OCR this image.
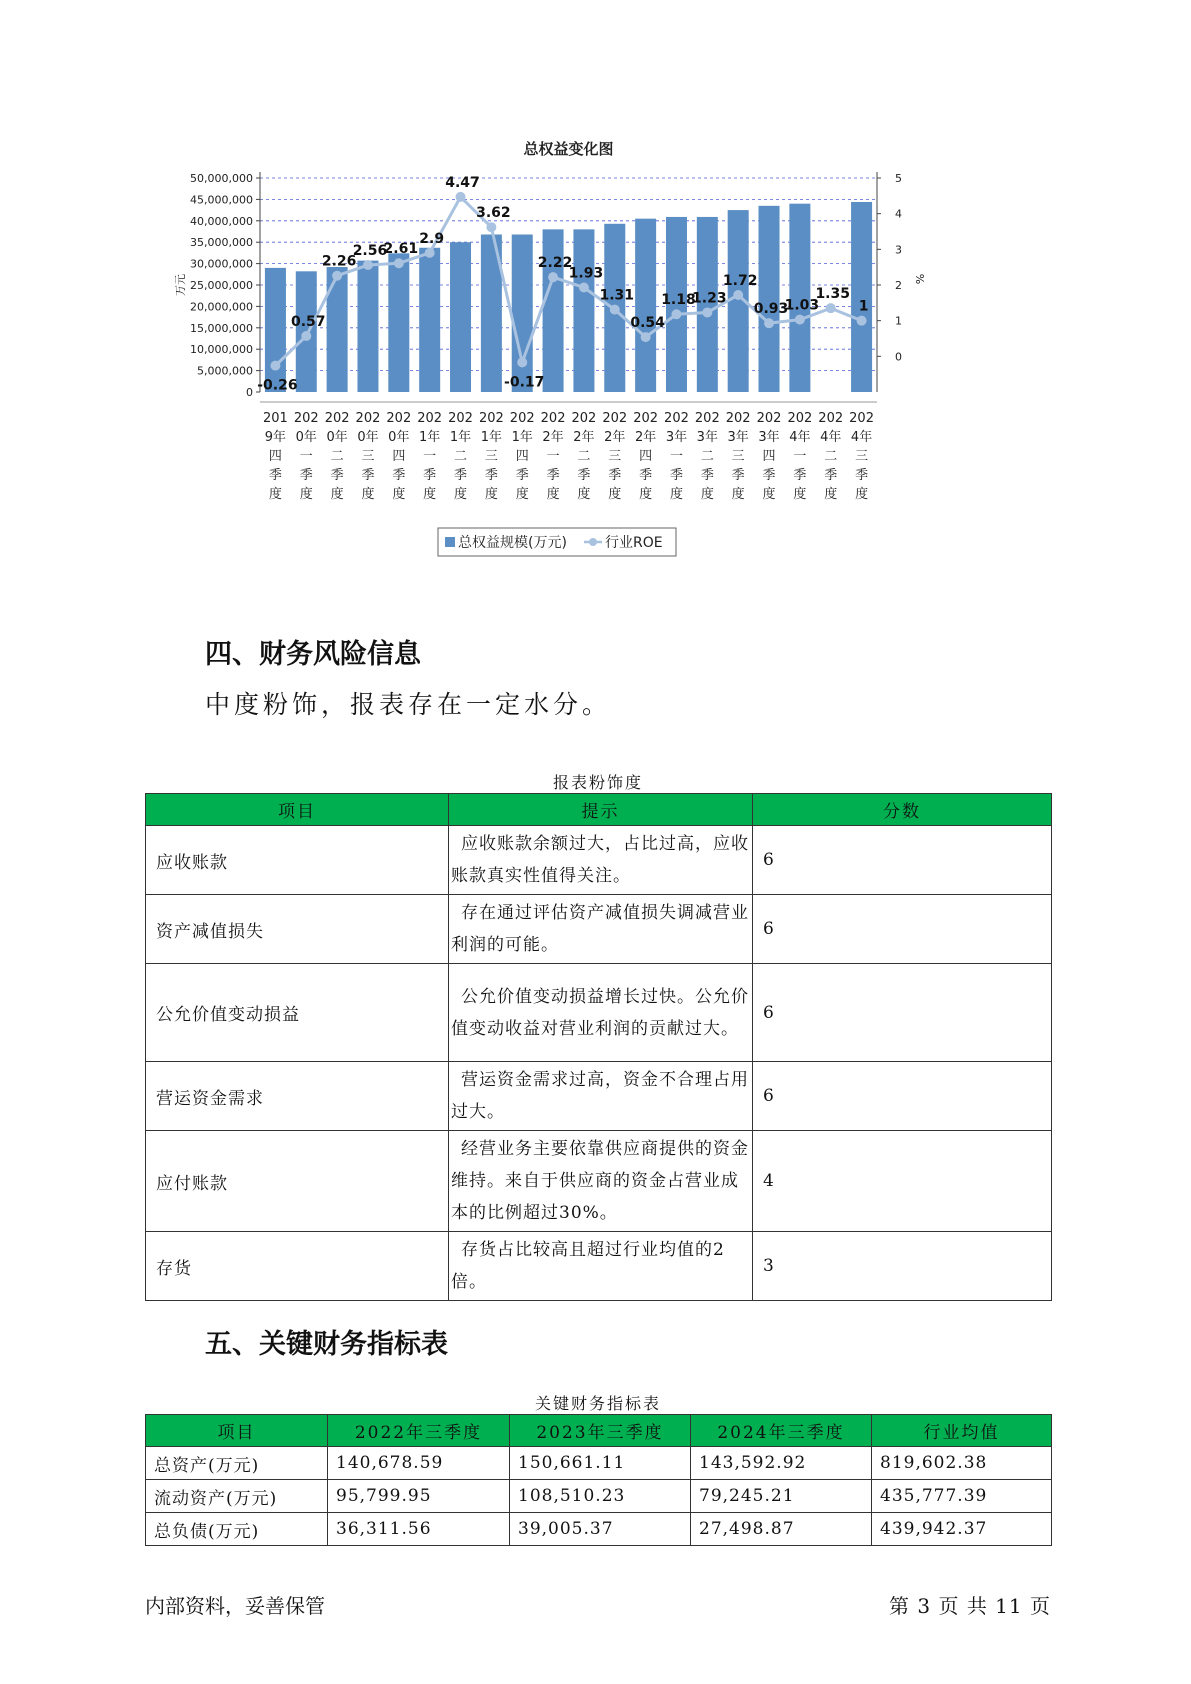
总权益变化图
0
5,000,000
10,000,000
15,000,000
20,000,000
25,000,000
30,000,000
35,000,000
40,000,000
45,000,000
50,000,000
0
1
2
3
4
5
万元	%
-0.26
0.57
2.26
2.56
2.61
2.9
4.47
3.62
-0.17
2.22
1.93
1.31
0.54
1.18
1.23
1.72
0.93
1.03
1.35
1
201
9年
四
季
度
202
0年
一
季
度
202
0年
二
季
度
202
0年
三
季
度
202
0年
四
季
度
202
1年
一
季
度
202
1年
二
季
度
202
1年
三
季
度
202
1年
四
季
度
202
2年
一
季
度
202
2年
二
季
度
202
2年
三
季
度
202
2年
四
季
度
202
3年
一
季
度
202
3年
二
季
度
202
3年
三
季
度
202
3年
四
季
度
202
4年
一
季
度
202
4年
二
季
度
202
4年
三
季
度
总权益规模(万元)	行业ROE
四、财务风险信息

中度粉饰，报表存在一定水分。

报表粉饰度
项目	提示	分数
应收账款	应收账款余额过大，占比过高，应收账款真实性值得关注。	6
资产减值损失	存在通过评估资产减值损失调减营业利润的可能。	6
公允价值变动损益	公允价值变动损益增长过快。公允价值变动收益对营业利润的贡献过大。	6
营运资金需求	营运资金需求过高，资金不合理占用过大。	6
应付账款	经营业务主要依靠供应商提供的资金维持。来自于供应商的资金占营业成本的比例超过30%。	4
存货	存货占比较高且超过行业均值的2倍。	3
五、关键财务指标表
关键财务指标表
项目	2022年三季度	2023年三季度	2024年三季度	行业均值
总资产(万元)	140,678.59	150,661.11	143,592.92	819,602.38
流动资产(万元)	95,799.95	108,510.23	79,245.21	435,777.39
总负债(万元)	36,311.56	39,005.37	27,498.87	439,942.37
内部资料，妥善保管	第 3 页 共 11 页
